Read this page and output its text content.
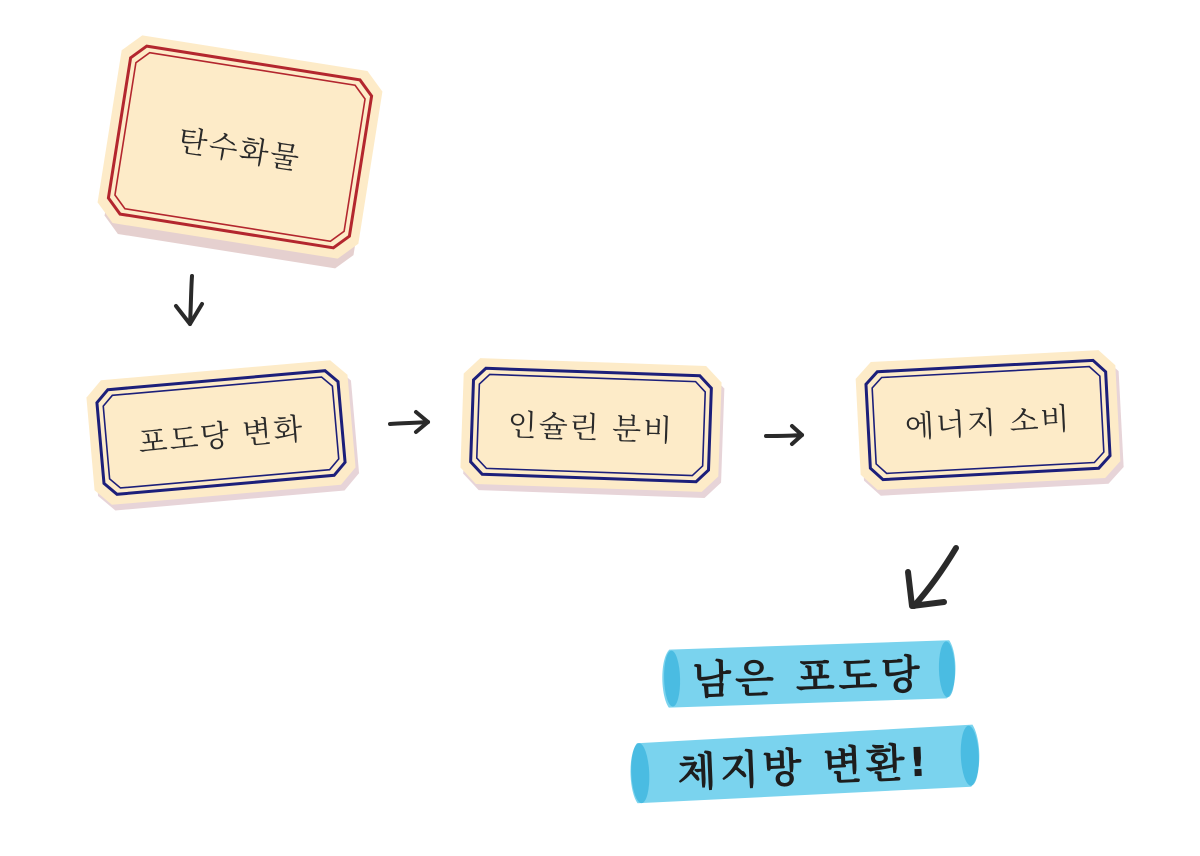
탄수화물
포도당 변화	인슐린 분비	에너지 소비
남은 포도당
체지방 변환!
